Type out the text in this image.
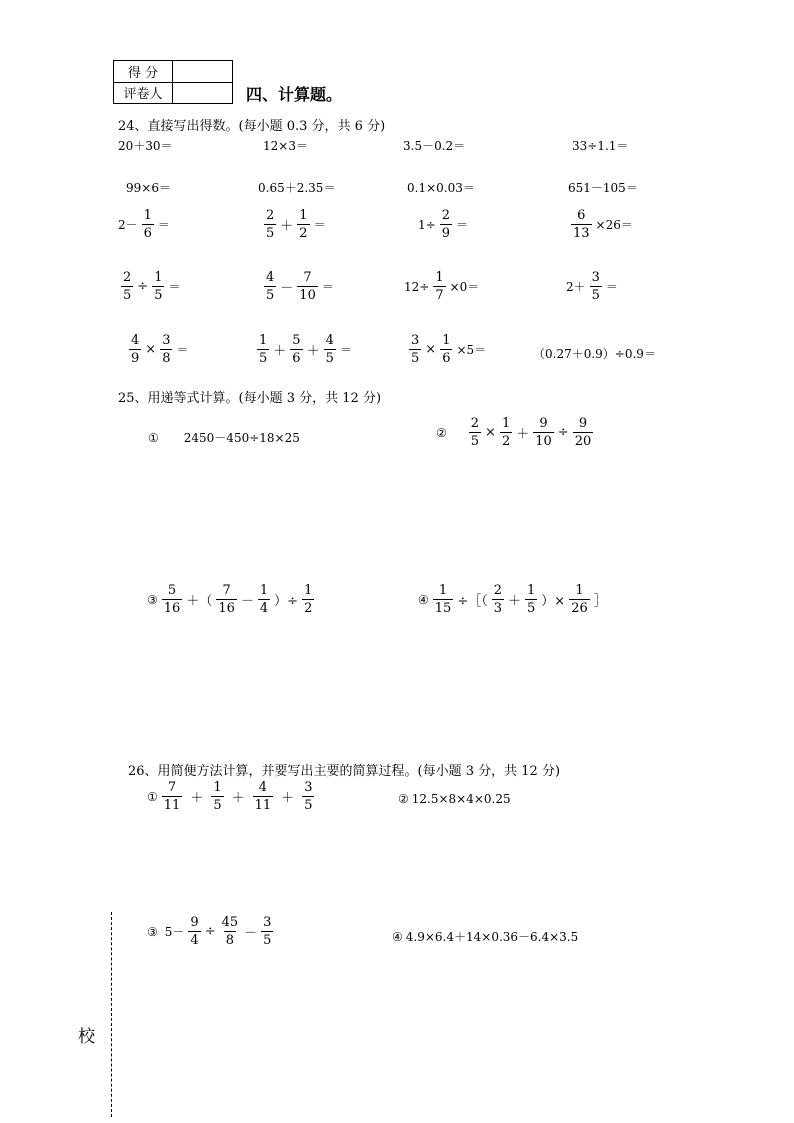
得 分	
评卷人		四、计算题。
24、直接写出得数。(每小题 0.3 分，共 6 分)
20＋30＝	12×3＝	3.5－0.2＝	33÷1.1＝
99×6＝	0.65＋2.35＝	0.1×0.03＝	651－105＝
$2- \frac{1}{6}$ ＝	$\frac{2}{5} + \frac{1}{2}$ ＝	$1\div \frac{2}{9}$ ＝	$\frac{6}{13} \times 26=$
$\frac{2}{5} \div \frac{1}{5}$ ＝	$\frac{4}{5} - \frac{7}{10}$ ＝	$12\div \frac{1}{7} \times 0=$	$2+ \frac{3}{5}$ ＝
$\frac{4}{9} \times \frac{3}{8}$ ＝	$\frac{1}{5} + \frac{5}{6} + \frac{4}{5}$ ＝	$\frac{3}{5} \times \frac{1}{6} \times 5=$	（0.27＋0.9）÷0.9＝
25、用递等式计算。(每小题 3 分，共 12 分)
① 2450－450÷18×25	② $\frac{2}{5} \times \frac{1}{2} + \frac{9}{10} \div \frac{9}{20}$
③ $\frac{5}{16}$ ＋（ $\frac{7}{16} - \frac{1}{4}$ ）÷ $\frac{1}{2}$	④ $\frac{1}{15}$ ÷［（ $\frac{2}{3} + \frac{1}{5}$ ）× $\frac{1}{26}$ ］
26、用简便方法计算，并要写出主要的简算过程。(每小题 3 分，共 12 分)
① $\frac{7}{11} + \frac{1}{5} + \frac{4}{11} + \frac{3}{5}$	② 12.5×8×4×0.25
③ $5- \frac{9}{4} \div \frac{45}{8} - \frac{3}{5}$	④ 4.9×6.4＋14×0.36－6.4×3.5
校
